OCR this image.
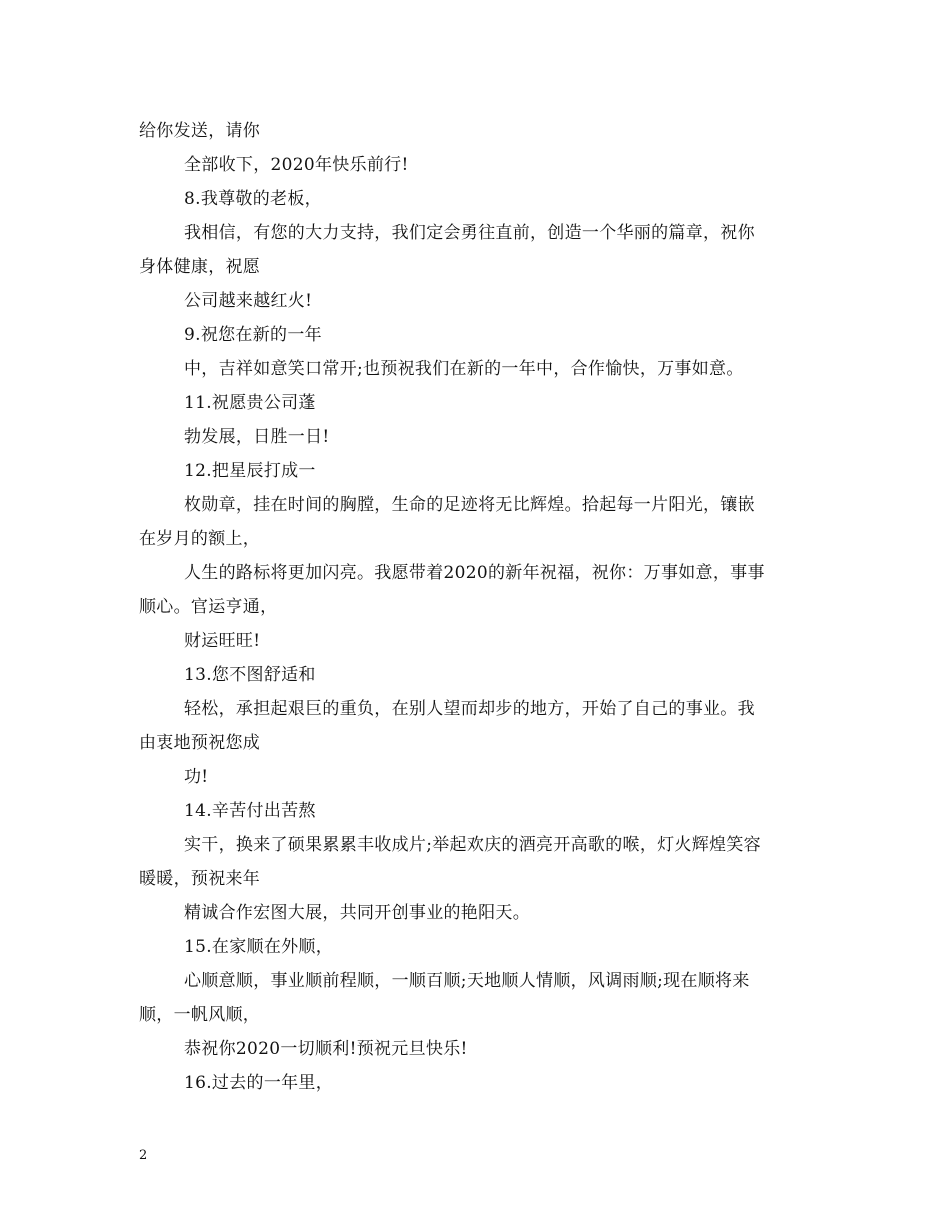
给你发送，请你

全部收下，2020年快乐前行!

8.我尊敬的老板，

我相信，有您的大力支持，我们定会勇往直前，创造一个华丽的篇章，祝你

身体健康，祝愿

公司越来越红火!

9.祝您在新的一年

中，吉祥如意笑口常开;也预祝我们在新的一年中，合作愉快，万事如意。

11.祝愿贵公司蓬

勃发展，日胜一日!

12.把星辰打成一

枚勋章，挂在时间的胸膛，生命的足迹将无比辉煌。拾起每一片阳光，镶嵌

在岁月的额上，

人生的路标将更加闪亮。我愿带着2020的新年祝福，祝你：万事如意，事事

顺心。官运亨通，

财运旺旺!

13.您不图舒适和

轻松，承担起艰巨的重负，在别人望而却步的地方，开始了自己的事业。我

由衷地预祝您成

功!

14.辛苦付出苦熬

实干，换来了硕果累累丰收成片;举起欢庆的酒亮开高歌的喉，灯火辉煌笑容

暖暖，预祝来年

精诚合作宏图大展，共同开创事业的艳阳天。

15.在家顺在外顺，

心顺意顺，事业顺前程顺，一顺百顺;天地顺人情顺，风调雨顺;现在顺将来

顺，一帆风顺，

恭祝你2020一切顺利!预祝元旦快乐!

16.过去的一年里，

2
